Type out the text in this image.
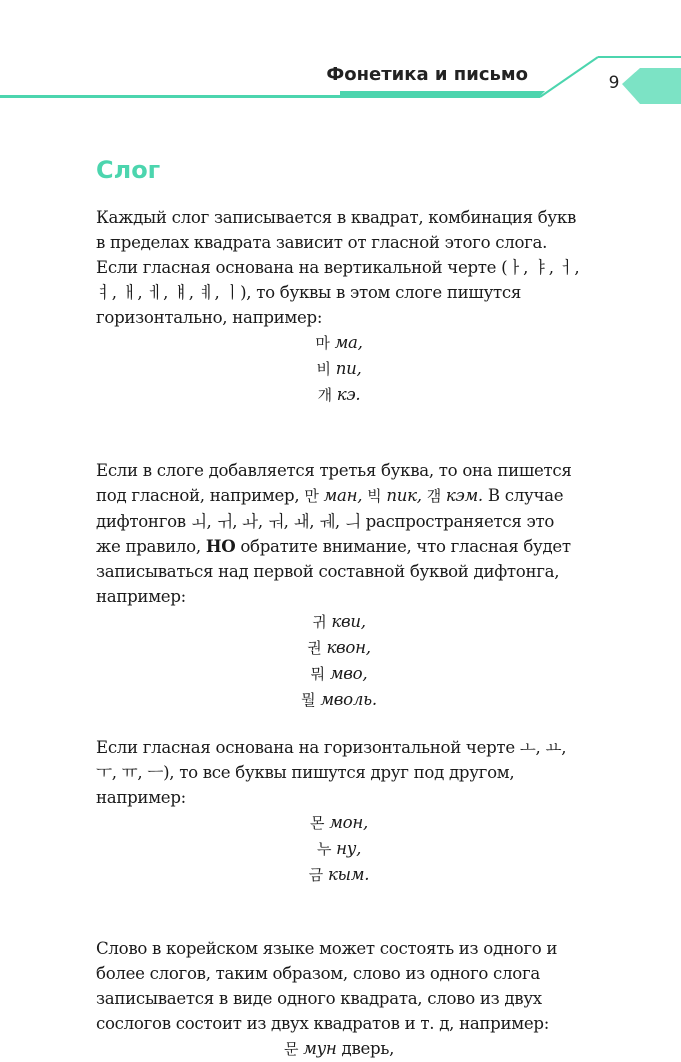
Фонетика и письмо	9
Слог

Каждый слог записывается в квадрат, комбинация букв в пределах квадрата зависит от гласной этого слога.

Если гласная основана на вертикальной черте (ㅏ, ㅑ, ㅓ, ㅕ, ㅐ, ㅔ, ㅒ, ㅖ, ㅣ), то буквы в этом слоге пишутся горизонтально, например:

마 ма,
비 пи,
개 кэ.

Если в слоге добавляется третья буква, то она пишется под гласной, например, 만 ман, 빅 пик, 갬 кэм. В случае дифтонгов ㅚ, ㅟ, ㅘ, ㅝ, ㅙ, ㅞ, ㅢ распространяется это же правило, НО обратите внимание, что гласная будет записываться над первой составной буквой дифтонга, например:

귀 кви,
권 квон,
뭐 мво,
뭘 мволь.

Если гласная основана на горизонтальной черте ㅗ, ㅛ, ㅜ, ㅠ, ㅡ), то все буквы пишутся друг под другом, например:

몬 мон,
누 ну,
금 кым.

Слово в корейском языке может состоять из одного и более слогов, таким образом, слово из одного слога записывается в виде одного квадрата, слово из двух сослогов состоит из двух квадратов и т. д, например:

문 мун дверь,
